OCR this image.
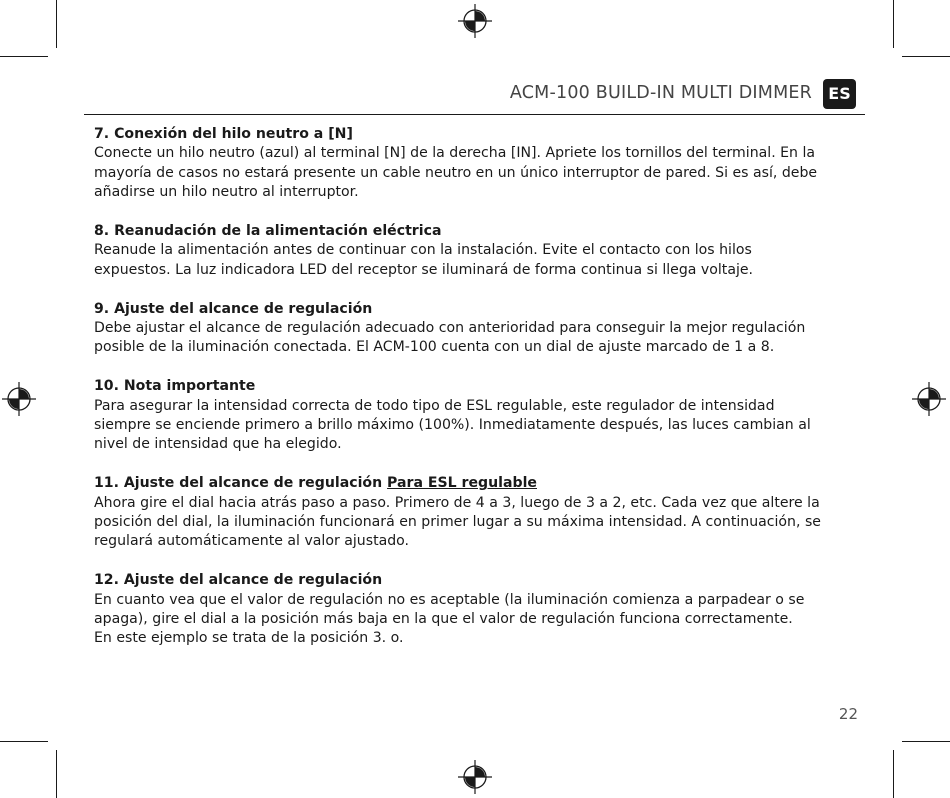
ACM-100 BUILD-IN MULTI DIMMER	ES
7. Conexión del hilo neutro a [N]

Conecte un hilo neutro (azul) al terminal [N] de la derecha [IN]. Apriete los tornillos del terminal. En la
mayoría de casos no estará presente un cable neutro en un único interruptor de pared. Si es así, debe
añadirse un hilo neutro al interruptor.

8. Reanudación de la alimentación eléctrica

Reanude la alimentación antes de continuar con la instalación. Evite el contacto con los hilos
expuestos. La luz indicadora LED del receptor se iluminará de forma continua si llega voltaje.

9. Ajuste del alcance de regulación

Debe ajustar el alcance de regulación adecuado con anterioridad para conseguir la mejor regulación
posible de la iluminación conectada. El ACM-100 cuenta con un dial de ajuste marcado de 1 a 8.

10. Nota importante

Para asegurar la intensidad correcta de todo tipo de ESL regulable, este regulador de intensidad
siempre se enciende primero a brillo máximo (100%). Inmediatamente después, las luces cambian al
nivel de intensidad que ha elegido.

11. Ajuste del alcance de regulación Para ESL regulable

Ahora gire el dial hacia atrás paso a paso. Primero de 4 a 3, luego de 3 a 2, etc. Cada vez que altere la
posición del dial, la iluminación funcionará en primer lugar a su máxima intensidad. A continuación, se
regulará automáticamente al valor ajustado.

12. Ajuste del alcance de regulación

En cuanto vea que el valor de regulación no es aceptable (la iluminación comienza a parpadear o se
apaga), gire el dial a la posición más baja en la que el valor de regulación funciona correctamente.
En este ejemplo se trata de la posición 3. o.

22
